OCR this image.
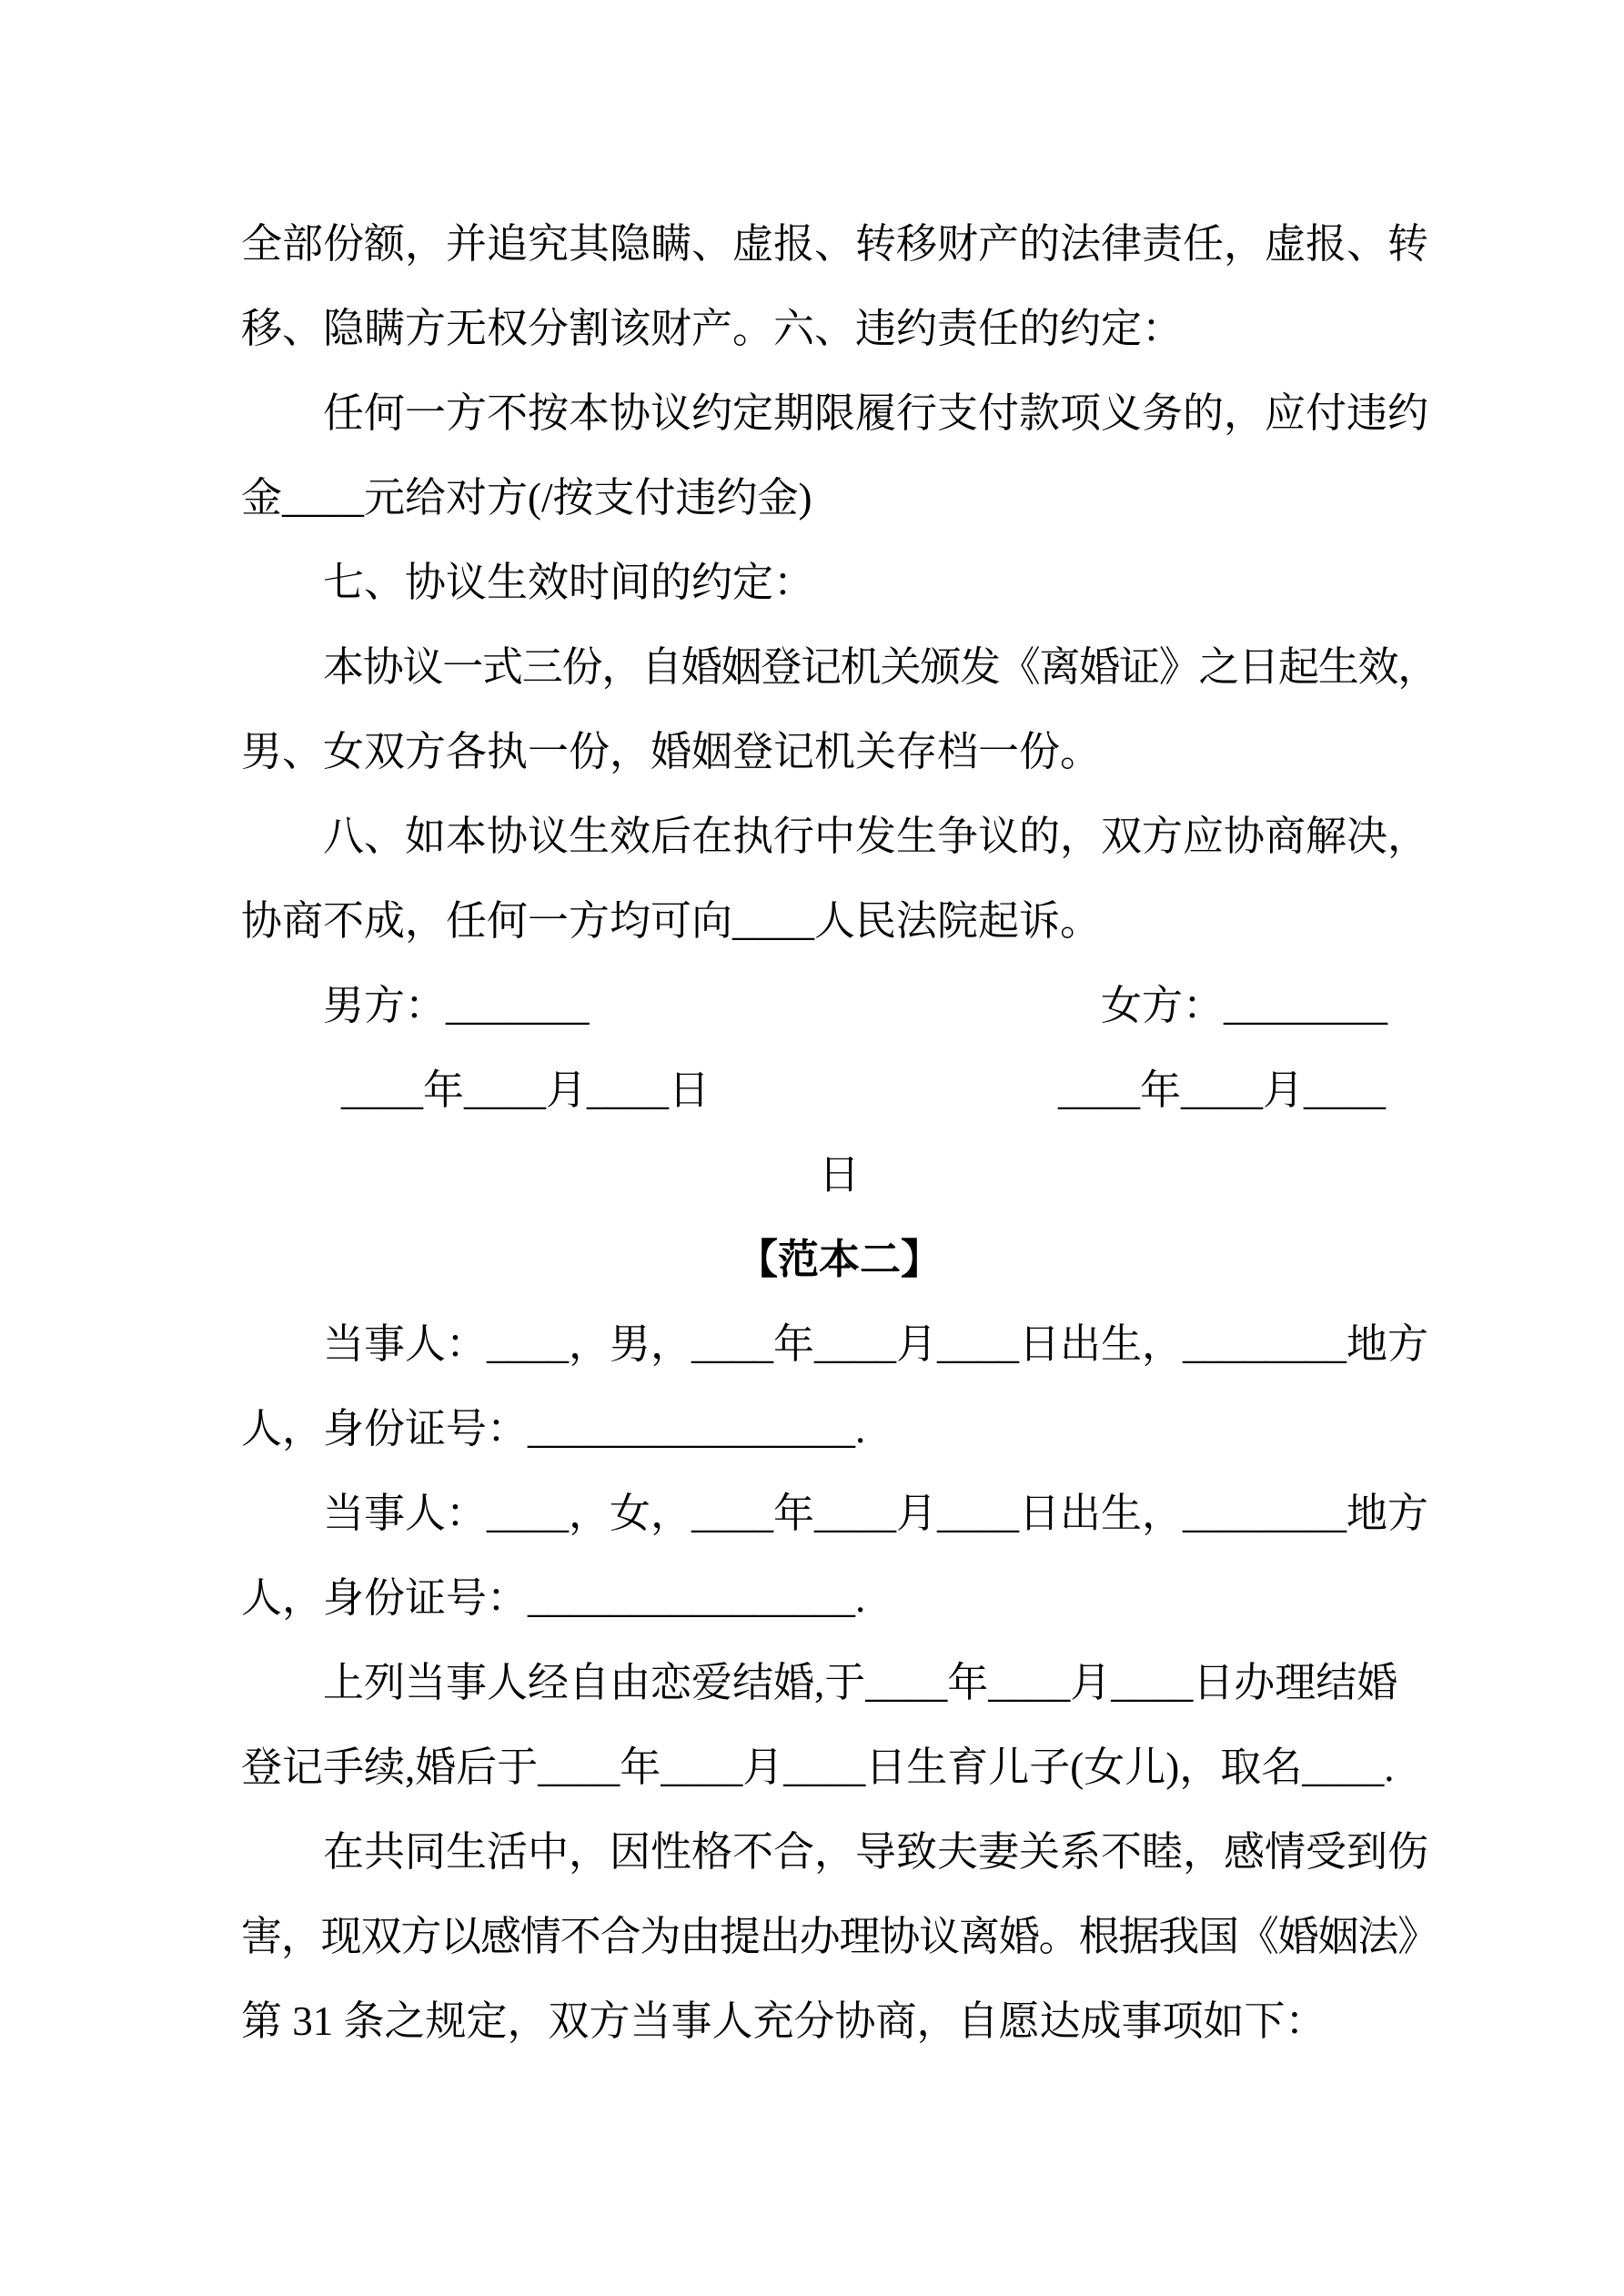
全部份额，并追究其隐瞒、虚报、转移财产的法律责任，虚报、转
移、隐瞒方无权分割该财产。六、违约责任的约定：
任何一方不按本协议约定期限履行支付款项义务的，应付违约
金____元给对方(/按支付违约金)
七、协议生效时间的约定：
本协议一式三份，自婚姻登记机关颁发《离婚证》之日起生效，
男、女双方各执一份，婚姻登记机关存档一份。
八、如本协议生效后在执行中发生争议的，双方应协商解决，
协商不成，任何一方均可向____人民法院起诉。
男方：_______	女方：________
____年____月____日	____年____月____
日
【范本二】
当事人：____，男，____年____月____日出生，________地方
人，身份证号：________________.
当事人：____，女，____年____月____日出生，________地方
人，身份证号：________________.
上列当事人经自由恋爱结婚,于____年____月____日办理结婚
登记手续,婚后于____年____月____日生育儿子(女儿)，取名____.
在共同生活中，因性格不合，导致夫妻关系不睦，感情受到伤
害，现双方以感情不合为由提出办理协议离婚。根据我国《婚姻法》
第 31 条之规定，双方当事人充分协商，自愿达成事项如下：
